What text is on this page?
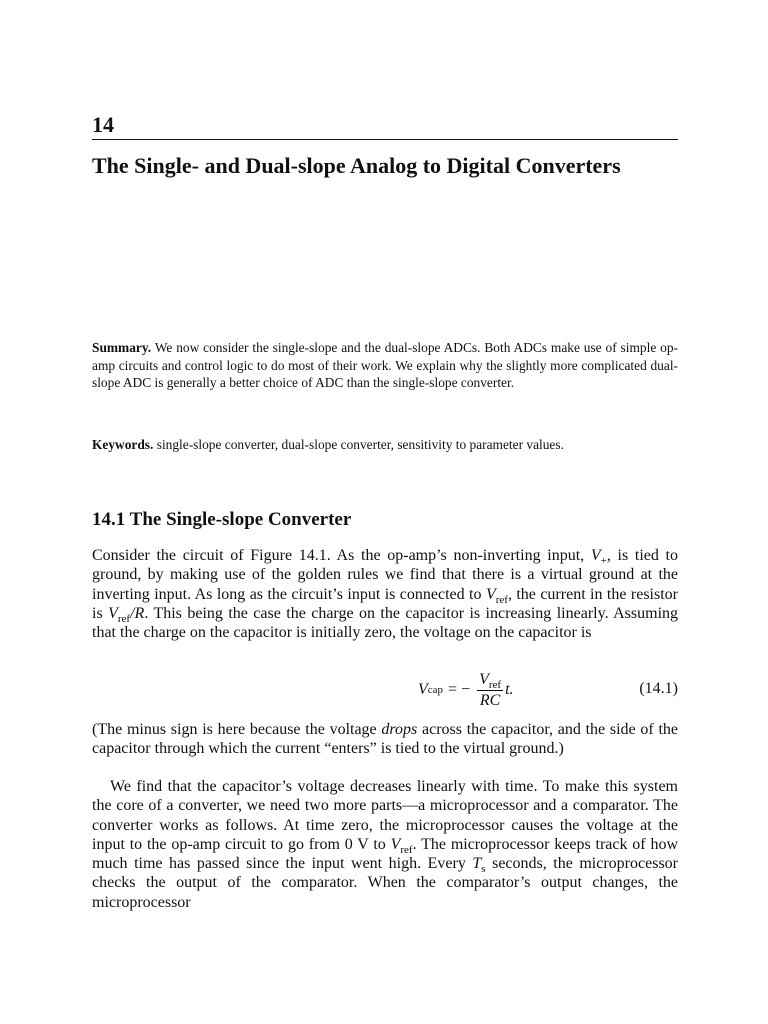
14
The Single- and Dual-slope Analog to Digital Converters
Summary. We now consider the single-slope and the dual-slope ADCs. Both ADCs make use of simple op-amp circuits and control logic to do most of their work. We explain why the slightly more complicated dual-slope ADC is generally a better choice of ADC than the single-slope converter.
Keywords. single-slope converter, dual-slope converter, sensitivity to parameter values.
14.1 The Single-slope Converter
Consider the circuit of Figure 14.1. As the op-amp’s non-inverting input, $V_+$, is tied to ground, by making use of the golden rules we find that there is a virtual ground at the inverting input. As long as the circuit’s input is connected to $V_{ref}$, the current in the resistor is $V_{ref}/R$. This being the case the charge on the capacitor is increasing linearly. Assuming that the charge on the capacitor is initially zero, the voltage on the capacitor is
V cap = − $\frac{V_{ref}}{RC} t$.	(14.1)
(The minus sign is here because the voltage drops across the capacitor, and the side of the capacitor through which the current “enters” is tied to the virtual ground.)
We find that the capacitor’s voltage decreases linearly with time. To make this system the core of a converter, we need two more parts—a microprocessor and a comparator. The converter works as follows. At time zero, the microprocessor causes the voltage at the input to the op-amp circuit to go from 0 V to $V_{ref}$. The microprocessor keeps track of how much time has passed since the input went high. Every $T_s$ seconds, the microprocessor checks the output of the comparator. When the comparator’s output changes, the microprocessor
